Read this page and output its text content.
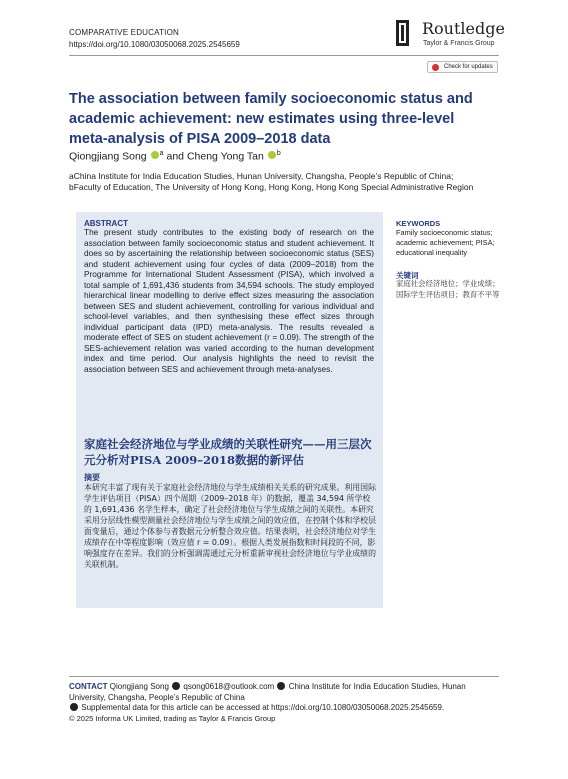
COMPARATIVE EDUCATION
https://doi.org/10.1080/03050068.2025.2545659
Routledge
Taylor & Francis Group
Check for updates
The association between family socioeconomic status and academic achievement: new estimates using three-level meta-analysis of PISA 2009–2018 data
Qiongjiang Song $^a$ and Cheng Yong Tan $^b$
aChina Institute for India Education Studies, Hunan University, Changsha, People’s Republic of China;
bFaculty of Education, The University of Hong Kong, Hong Kong, Hong Kong Special Administrative Region
ABSTRACT
The present study contributes to the existing body of research on the association between family socioeconomic status and student achievement. It does so by ascertaining the relationship between socioeconomic status (SES) and student achievement using four cycles of data (2009–2018) from the Programme for International Student Assessment (PISA), which involved a total sample of 1,691,436 students from 34,594 schools. The study employed hierarchical linear modelling to derive effect sizes measuring the association between SES and student achievement, controlling for various individual and school-level variables, and then synthesising these effect sizes through individual participant data (IPD) meta-analysis. The results revealed a moderate effect of SES on student achievement (r = 0.09). The strength of the SES-achievement relation was varied according to the human development index and time period. Our analysis highlights the need to revisit the association between SES and achievement through meta-analyses.
家庭社会经济地位与学业成绩的关联性研究——用三层次元分析对PISA 2009–2018数据的新评估
摘要
本研究丰富了现有关于家庭社会经济地位与学生成绩相关关系的研究成果。利用国际学生评估项目（PISA）四个周期（2009–2018 年）的数据，覆盖 34,594 所学校的 1,691,436 名学生样本，确定了社会经济地位与学生成绩之间的关联性。本研究采用分层线性模型测量社会经济地位与学生成绩之间的效应值，在控制个体和学校层面变量后，通过个体参与者数据元分析整合效应值。结果表明，社会经济地位对学生成绩存在中等程度影响（效应值 r = 0.09）。根据人类发展指数和时间段的不同，影响强度存在差异。我们的分析强调需通过元分析重新审视社会经济地位与学业成绩的关联机制。
KEYWORDS
Family socioeconomic status; academic achievement; PISA; educational inequality
关键词
家庭社会经济地位；学业成绩；国际学生评估项目；教育不平等
CONTACT Qiongjiang Song qsong0618@outlook.com China Institute for India Education Studies, Hunan University, Changsha, People’s Republic of China
Supplemental data for this article can be accessed at https://doi.org/10.1080/03050068.2025.2545659.
© 2025 Informa UK Limited, trading as Taylor & Francis Group
